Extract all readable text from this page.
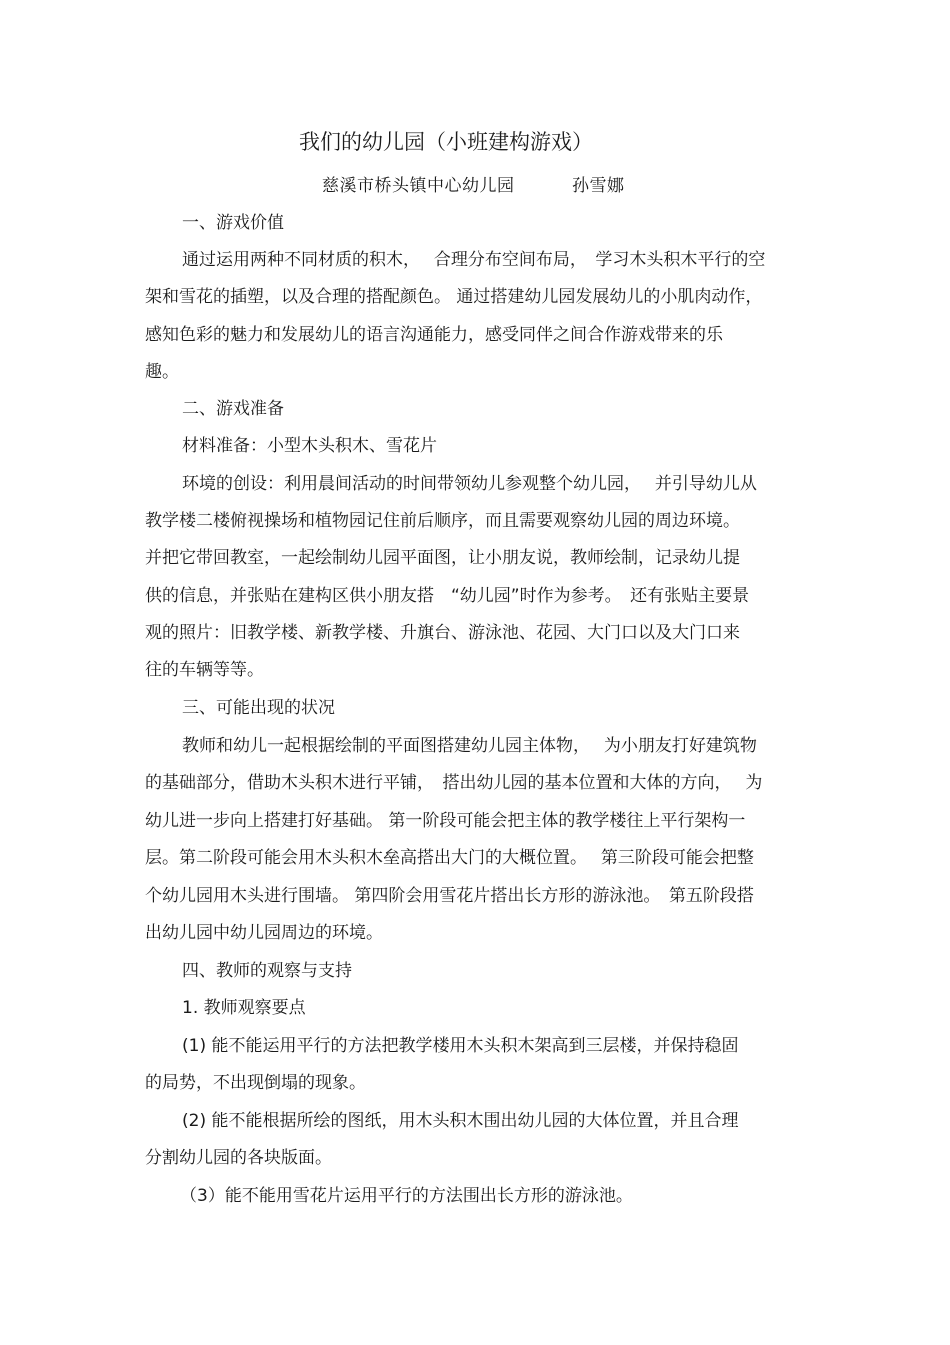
我们的幼儿园（小班建构游戏）
慈溪市桥头镇中心幼儿园	孙雪娜
一、游戏价值
通过运用两种不同材质的积木，　 合理分布空间布局，　学习木头积木平行的空
架和雪花的插塑，以及合理的搭配颜色。 通过搭建幼儿园发展幼儿的小肌肉动作，
感知色彩的魅力和发展幼儿的语言沟通能力，感受同伴之间合作游戏带来的乐
趣。
二、游戏准备
材料准备：小型木头积木、雪花片
环境的创设：利用晨间活动的时间带领幼儿参观整个幼儿园，　 并引导幼儿从
教学楼二楼俯视操场和植物园记住前后顺序，而且需要观察幼儿园的周边环境。
并把它带回教室，一起绘制幼儿园平面图，让小朋友说，教师绘制，记录幼儿提
供的信息，并张贴在建构区供小朋友搭　“幼儿园”时作为参考。　还有张贴主要景
观的照片：旧教学楼、新教学楼、升旗台、游泳池、花园、大门口以及大门口来
往的车辆等等。
三、可能出现的状况
教师和幼儿一起根据绘制的平面图搭建幼儿园主体物，　 为小朋友打好建筑物
的基础部分，借助木头积木进行平铺，　搭出幼儿园的基本位置和大体的方向，　 为
幼儿进一步向上搭建打好基础。 第一阶段可能会把主体的教学楼往上平行架构一
层。第二阶段可能会用木头积木垒高搭出大门的大概位置。　 第三阶段可能会把整
个幼儿园用木头进行围墙。 第四阶会用雪花片搭出长方形的游泳池。　第五阶段搭
出幼儿园中幼儿园周边的环境。
四、教师的观察与支持
1. 教师观察要点
(1) 能不能运用平行的方法把教学楼用木头积木架高到三层楼，并保持稳固
的局势，不出现倒塌的现象。
(2) 能不能根据所绘的图纸，用木头积木围出幼儿园的大体位置，并且合理
分割幼儿园的各块版面。
（3）能不能用雪花片运用平行的方法围出长方形的游泳池。
